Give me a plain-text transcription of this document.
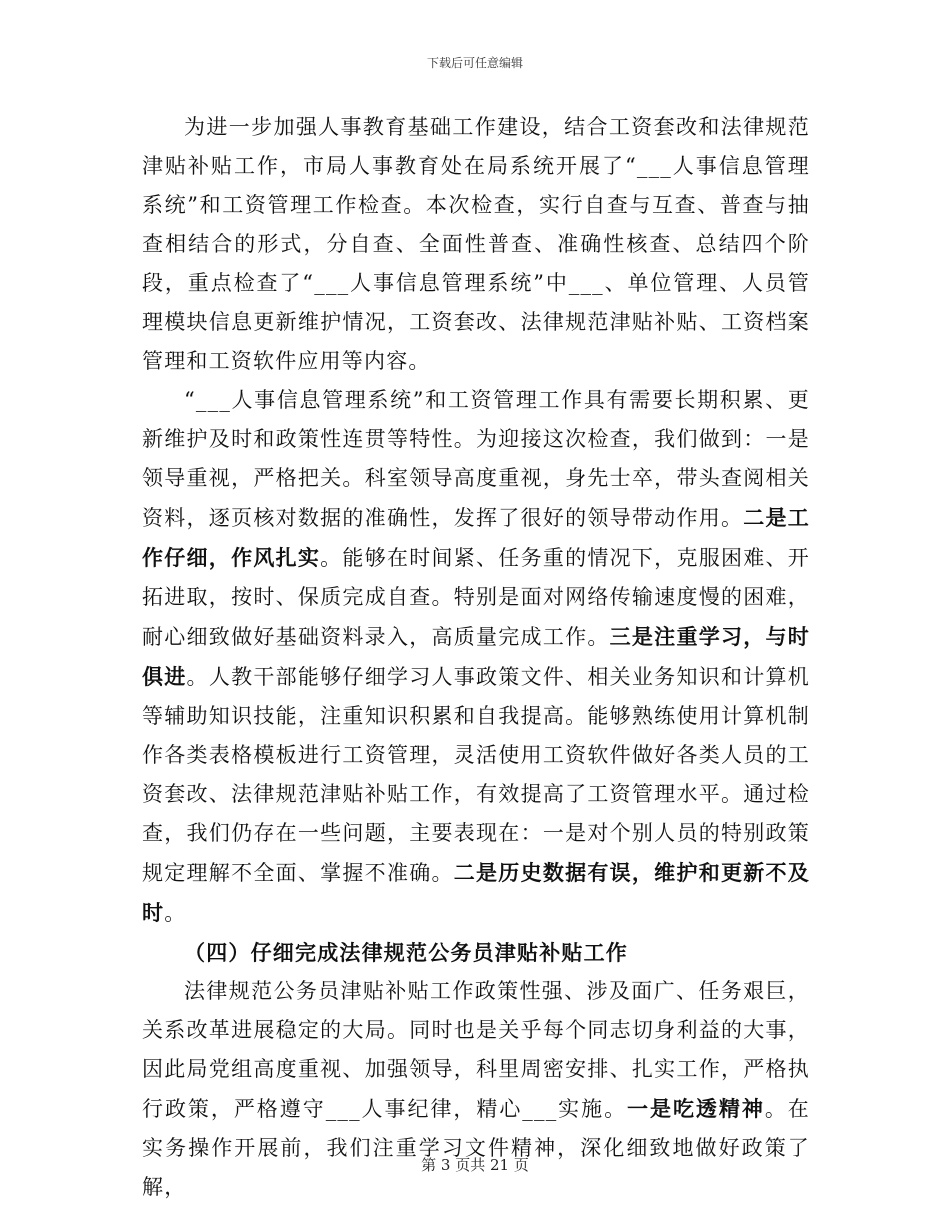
下载后可任意编辑

为进一步加强人事教育基础工作建设，结合工资套改和法律规范津贴补贴工作，市局人事教育处在局系统开展了“___人事信息管理系统”和工资管理工作检查。本次检查，实行自查与互查、普查与抽查相结合的形式，分自查、全面性普查、准确性核查、总结四个阶段，重点检查了“___人事信息管理系统”中___、单位管理、人员管理模块信息更新维护情况，工资套改、法律规范津贴补贴、工资档案管理和工资软件应用等内容。

“___人事信息管理系统”和工资管理工作具有需要长期积累、更新维护及时和政策性连贯等特性。为迎接这次检查，我们做到：一是领导重视，严格把关。科室领导高度重视，身先士卒，带头查阅相关资料，逐页核对数据的准确性，发挥了很好的领导带动作用。二是工作仔细，作风扎实。能够在时间紧、任务重的情况下，克服困难、开拓进取，按时、保质完成自查。特别是面对网络传输速度慢的困难，耐心细致做好基础资料录入，高质量完成工作。三是注重学习，与时俱进。人教干部能够仔细学习人事政策文件、相关业务知识和计算机等辅助知识技能，注重知识积累和自我提高。能够熟练使用计算机制作各类表格模板进行工资管理，灵活使用工资软件做好各类人员的工资套改、法律规范津贴补贴工作，有效提高了工资管理水平。通过检查，我们仍存在一些问题，主要表现在：一是对个别人员的特别政策规定理解不全面、掌握不准确。二是历史数据有误，维护和更新不及时。

（四）仔细完成法律规范公务员津贴补贴工作

法律规范公务员津贴补贴工作政策性强、涉及面广、任务艰巨，关系改革进展稳定的大局。同时也是关乎每个同志切身利益的大事，因此局党组高度重视、加强领导，科里周密安排、扎实工作，严格执行政策，严格遵守___人事纪律，精心___实施。一是吃透精神。在实务操作开展前，我们注重学习文件精神，深化细致地做好政策了解，

第 3 页共 21 页
